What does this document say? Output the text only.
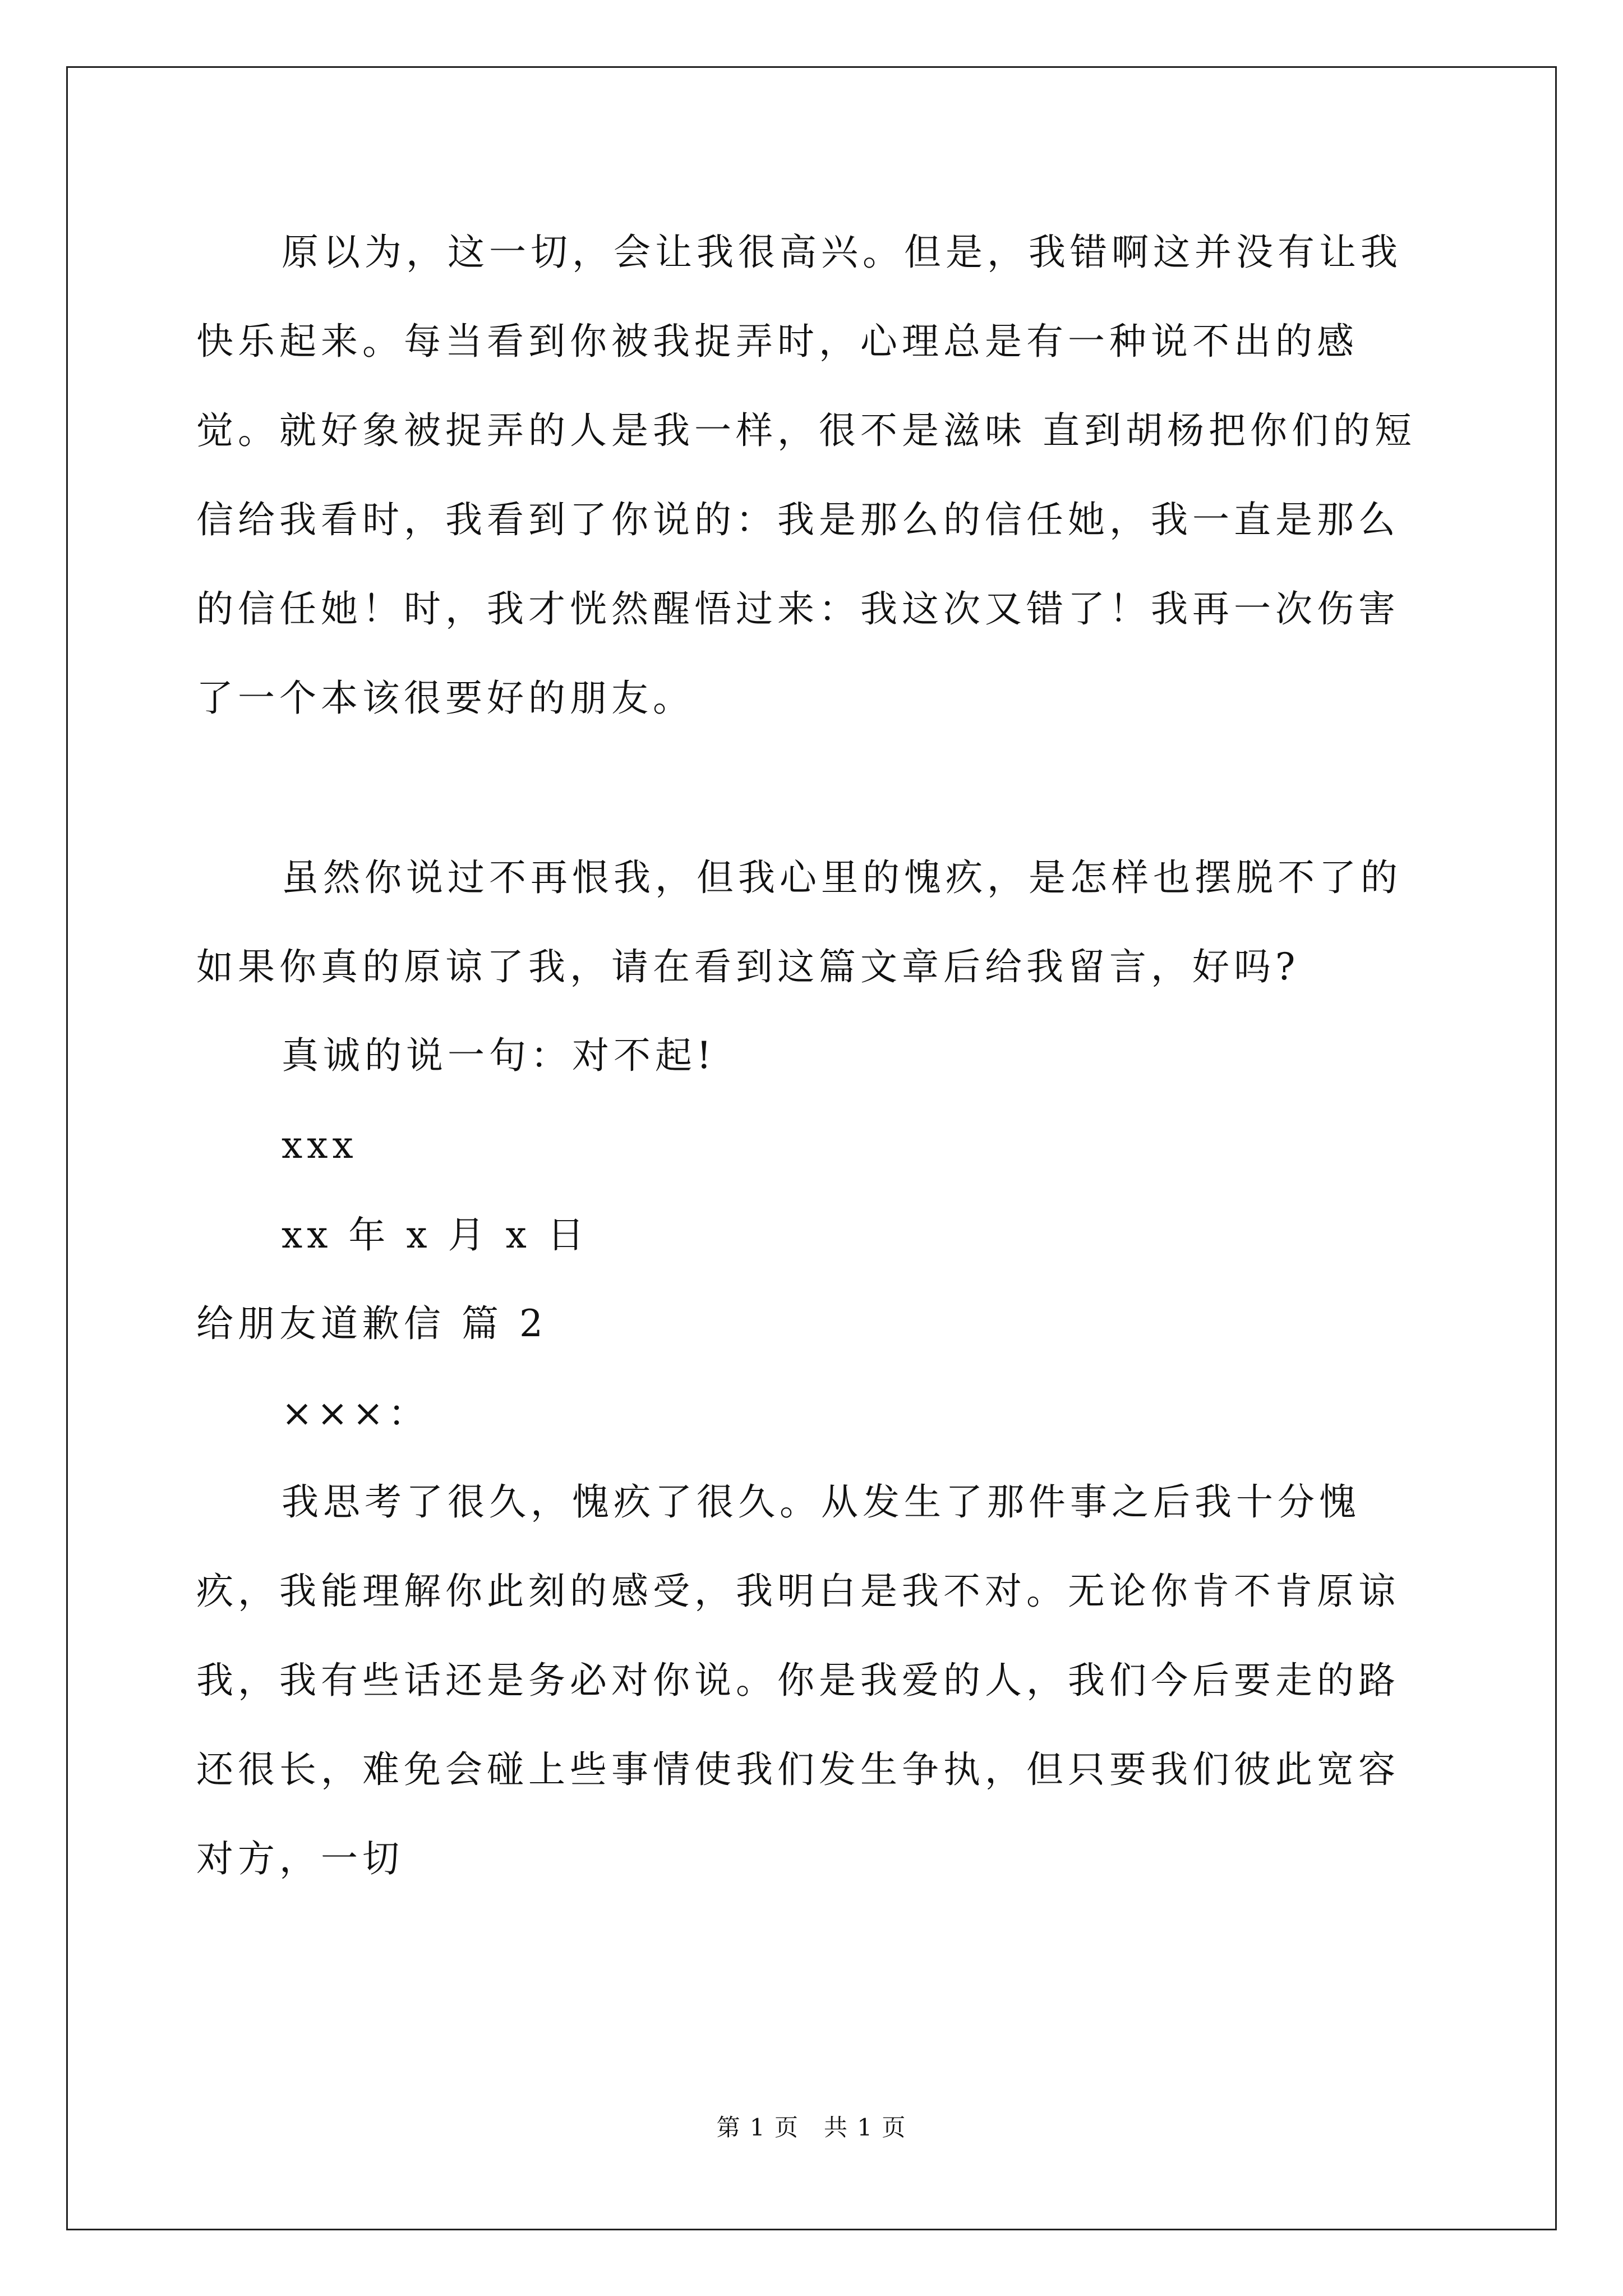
原以为，这一切，会让我很高兴。但是，我错啊这并没有让我快乐起来。每当看到你被我捉弄时，心理总是有一种说不出的感觉。就好象被捉弄的人是我一样，很不是滋味 直到胡杨把你们的短信给我看时，我看到了你说的：我是那么的信任她，我一直是那么的信任她！时，我才恍然醒悟过来：我这次又错了！我再一次伤害了一个本该很要好的朋友。

虽然你说过不再恨我，但我心里的愧疚，是怎样也摆脱不了的 如果你真的原谅了我，请在看到这篇文章后给我留言，好吗?

真诚的说一句：对不起!

xxx

xx 年 x 月 x 日

给朋友道歉信 篇 2

×××：

我思考了很久，愧疚了很久。从发生了那件事之后我十分愧疚，我能理解你此刻的感受，我明白是我不对。无论你肯不肯原谅我，我有些话还是务必对你说。你是我爱的人，我们今后要走的路还很长，难免会碰上些事情使我们发生争执，但只要我们彼此宽容对方，一切

第 1 页　共 1 页
